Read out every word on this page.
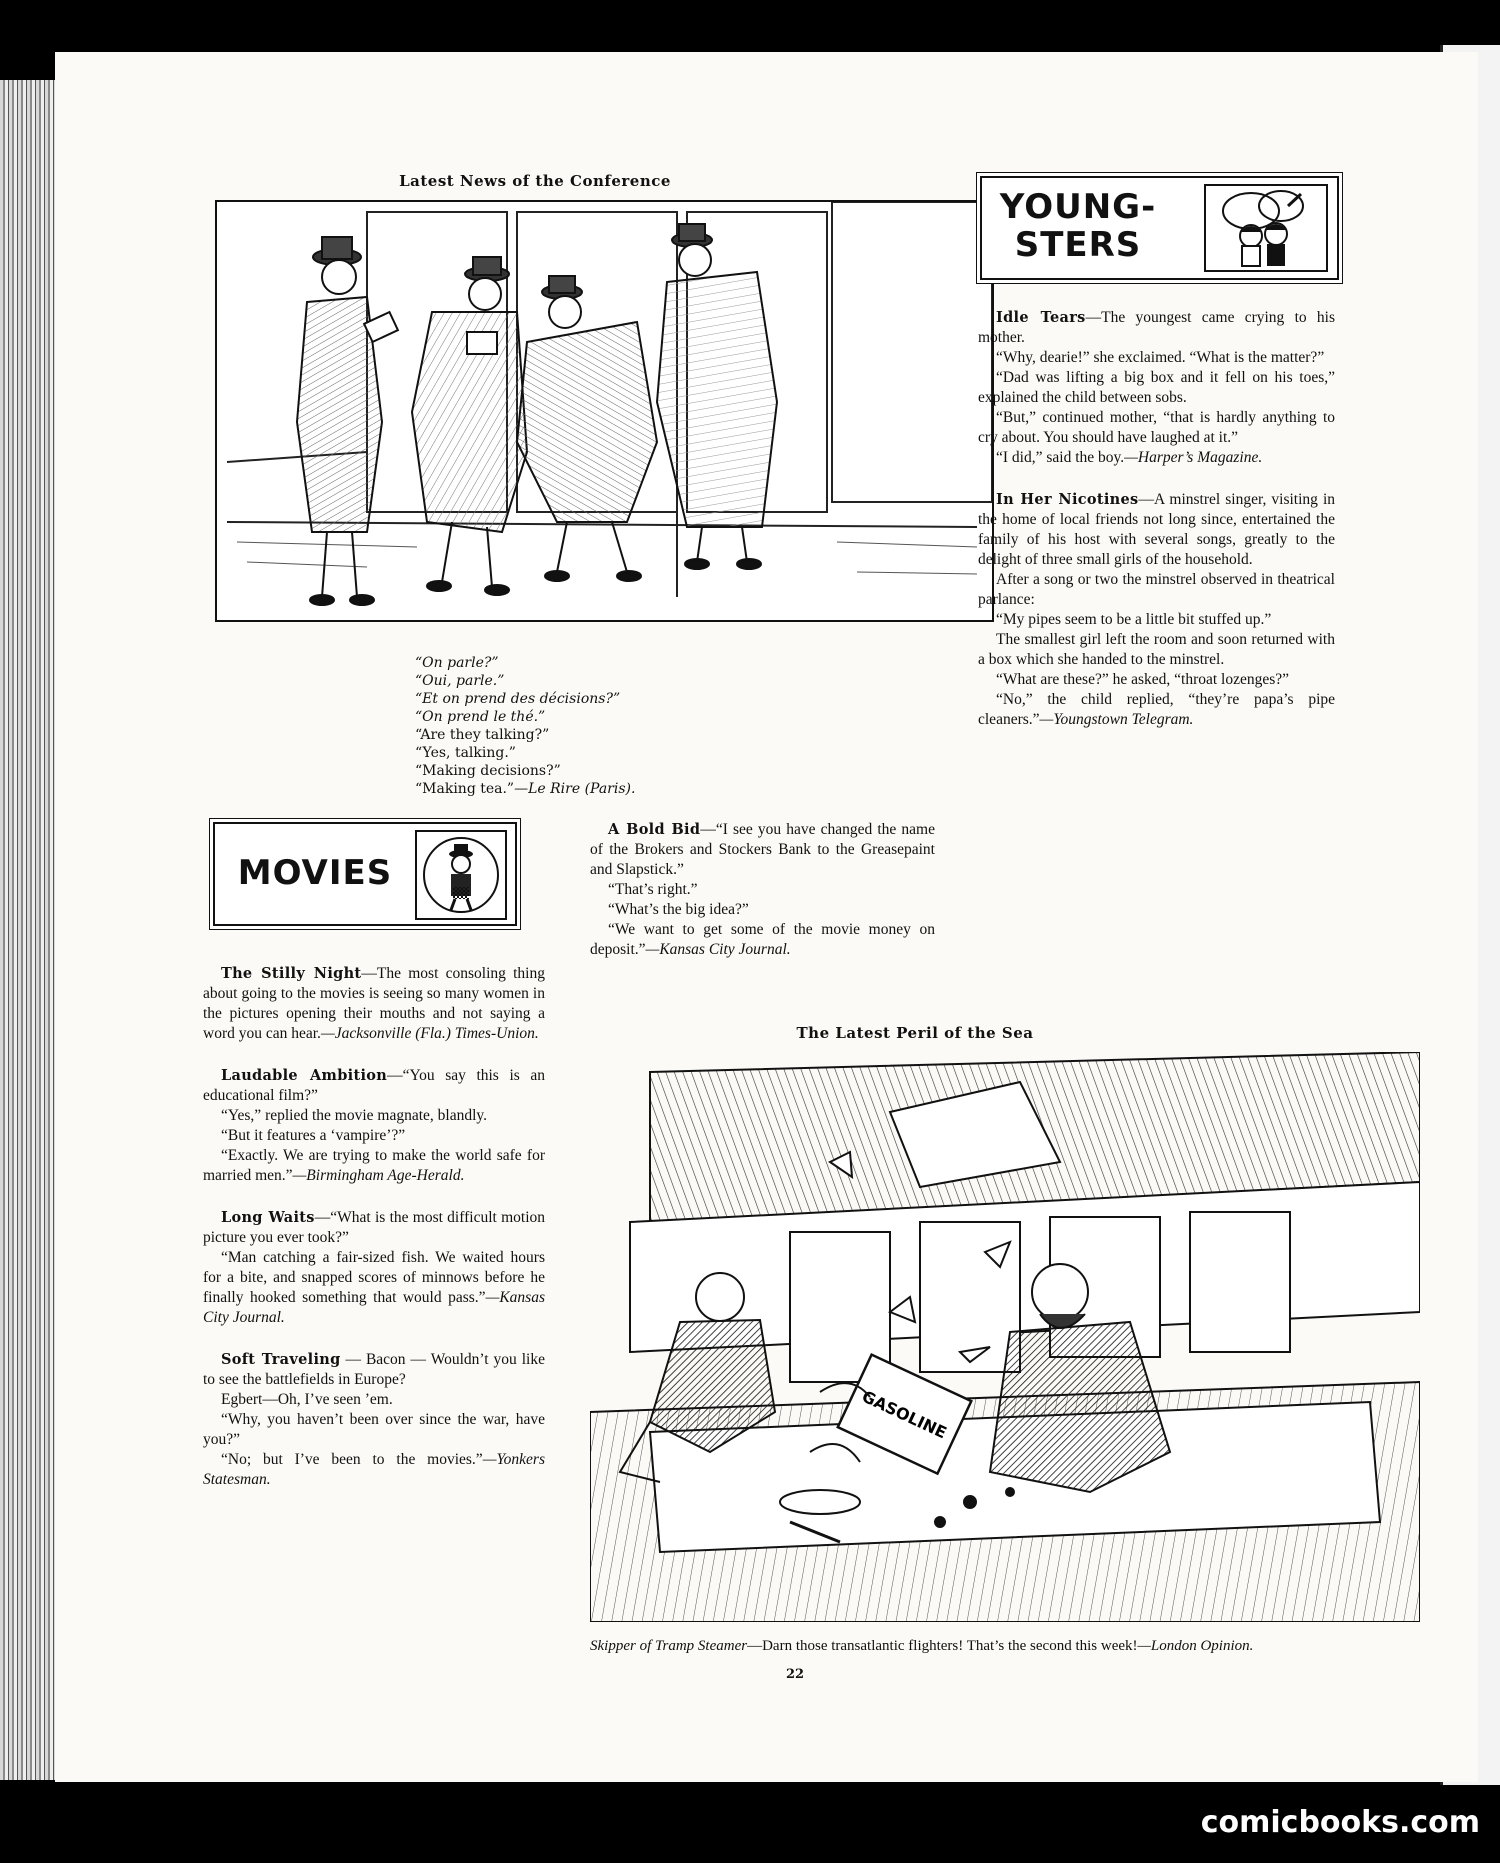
Latest News of the Conference
“On parle?”
“Oui, parle.”
“Et on prend des décisions?”
“On prend le thé.”
“Are they talking?”
“Yes, talking.”
“Making decisions?”
“Making tea.”—Le Rire (Paris).
YOUNG-
STERS

Idle Tears—The youngest came crying to his mother.

“Why, dearie!” she exclaimed. “What is the matter?”

“Dad was lifting a big box and it fell on his toes,” explained the child between sobs.

“But,” continued mother, “that is hardly anything to cry about. You should have laughed at it.”

“I did,” said the boy.—Harper’s Magazine.

In Her Nicotines—A minstrel singer, visiting in the home of local friends not long since, entertained the family of his host with several songs, greatly to the delight of three small girls of the household.

After a song or two the minstrel observed in theatrical parlance:

“My pipes seem to be a little bit stuffed up.”

The smallest girl left the room and soon returned with a box which she handed to the minstrel.

“What are these?” he asked, “throat lozenges?”

“No,” the child replied, “they’re papa’s pipe cleaners.”—Youngstown Telegram.

MOVIES

The Stilly Night—The most consoling thing about going to the movies is seeing so many women in the pictures opening their mouths and not saying a word you can hear.—Jacksonville (Fla.) Times-Union.

Laudable Ambition—“You say this is an educational film?”

“Yes,” replied the movie magnate, blandly.

“But it features a ‘vampire’?”

“Exactly. We are trying to make the world safe for married men.”—Birmingham Age-Herald.

Long Waits—“What is the most difficult motion picture you ever took?”

“Man catching a fair-sized fish. We waited hours for a bite, and snapped scores of minnows before he finally hooked something that would pass.”—Kansas City Journal.

Soft Traveling — Bacon — Wouldn’t you like to see the battlefields in Europe?

Egbert—Oh, I’ve seen ’em.

“Why, you haven’t been over since the war, have you?”

“No; but I’ve been to the movies.”—Yonkers Statesman.

A Bold Bid—“I see you have changed the name of the Brokers and Stockers Bank to the Greasepaint and Slapstick.”

“That’s right.”

“What’s the big idea?”

“We want to get some of the movie money on deposit.”—Kansas City Journal.

The Latest Peril of the Sea
GASOLINE
Skipper of Tramp Steamer—Darn those transatlantic flighters! That’s the second this week!—London Opinion.
22
comicbooks.com
